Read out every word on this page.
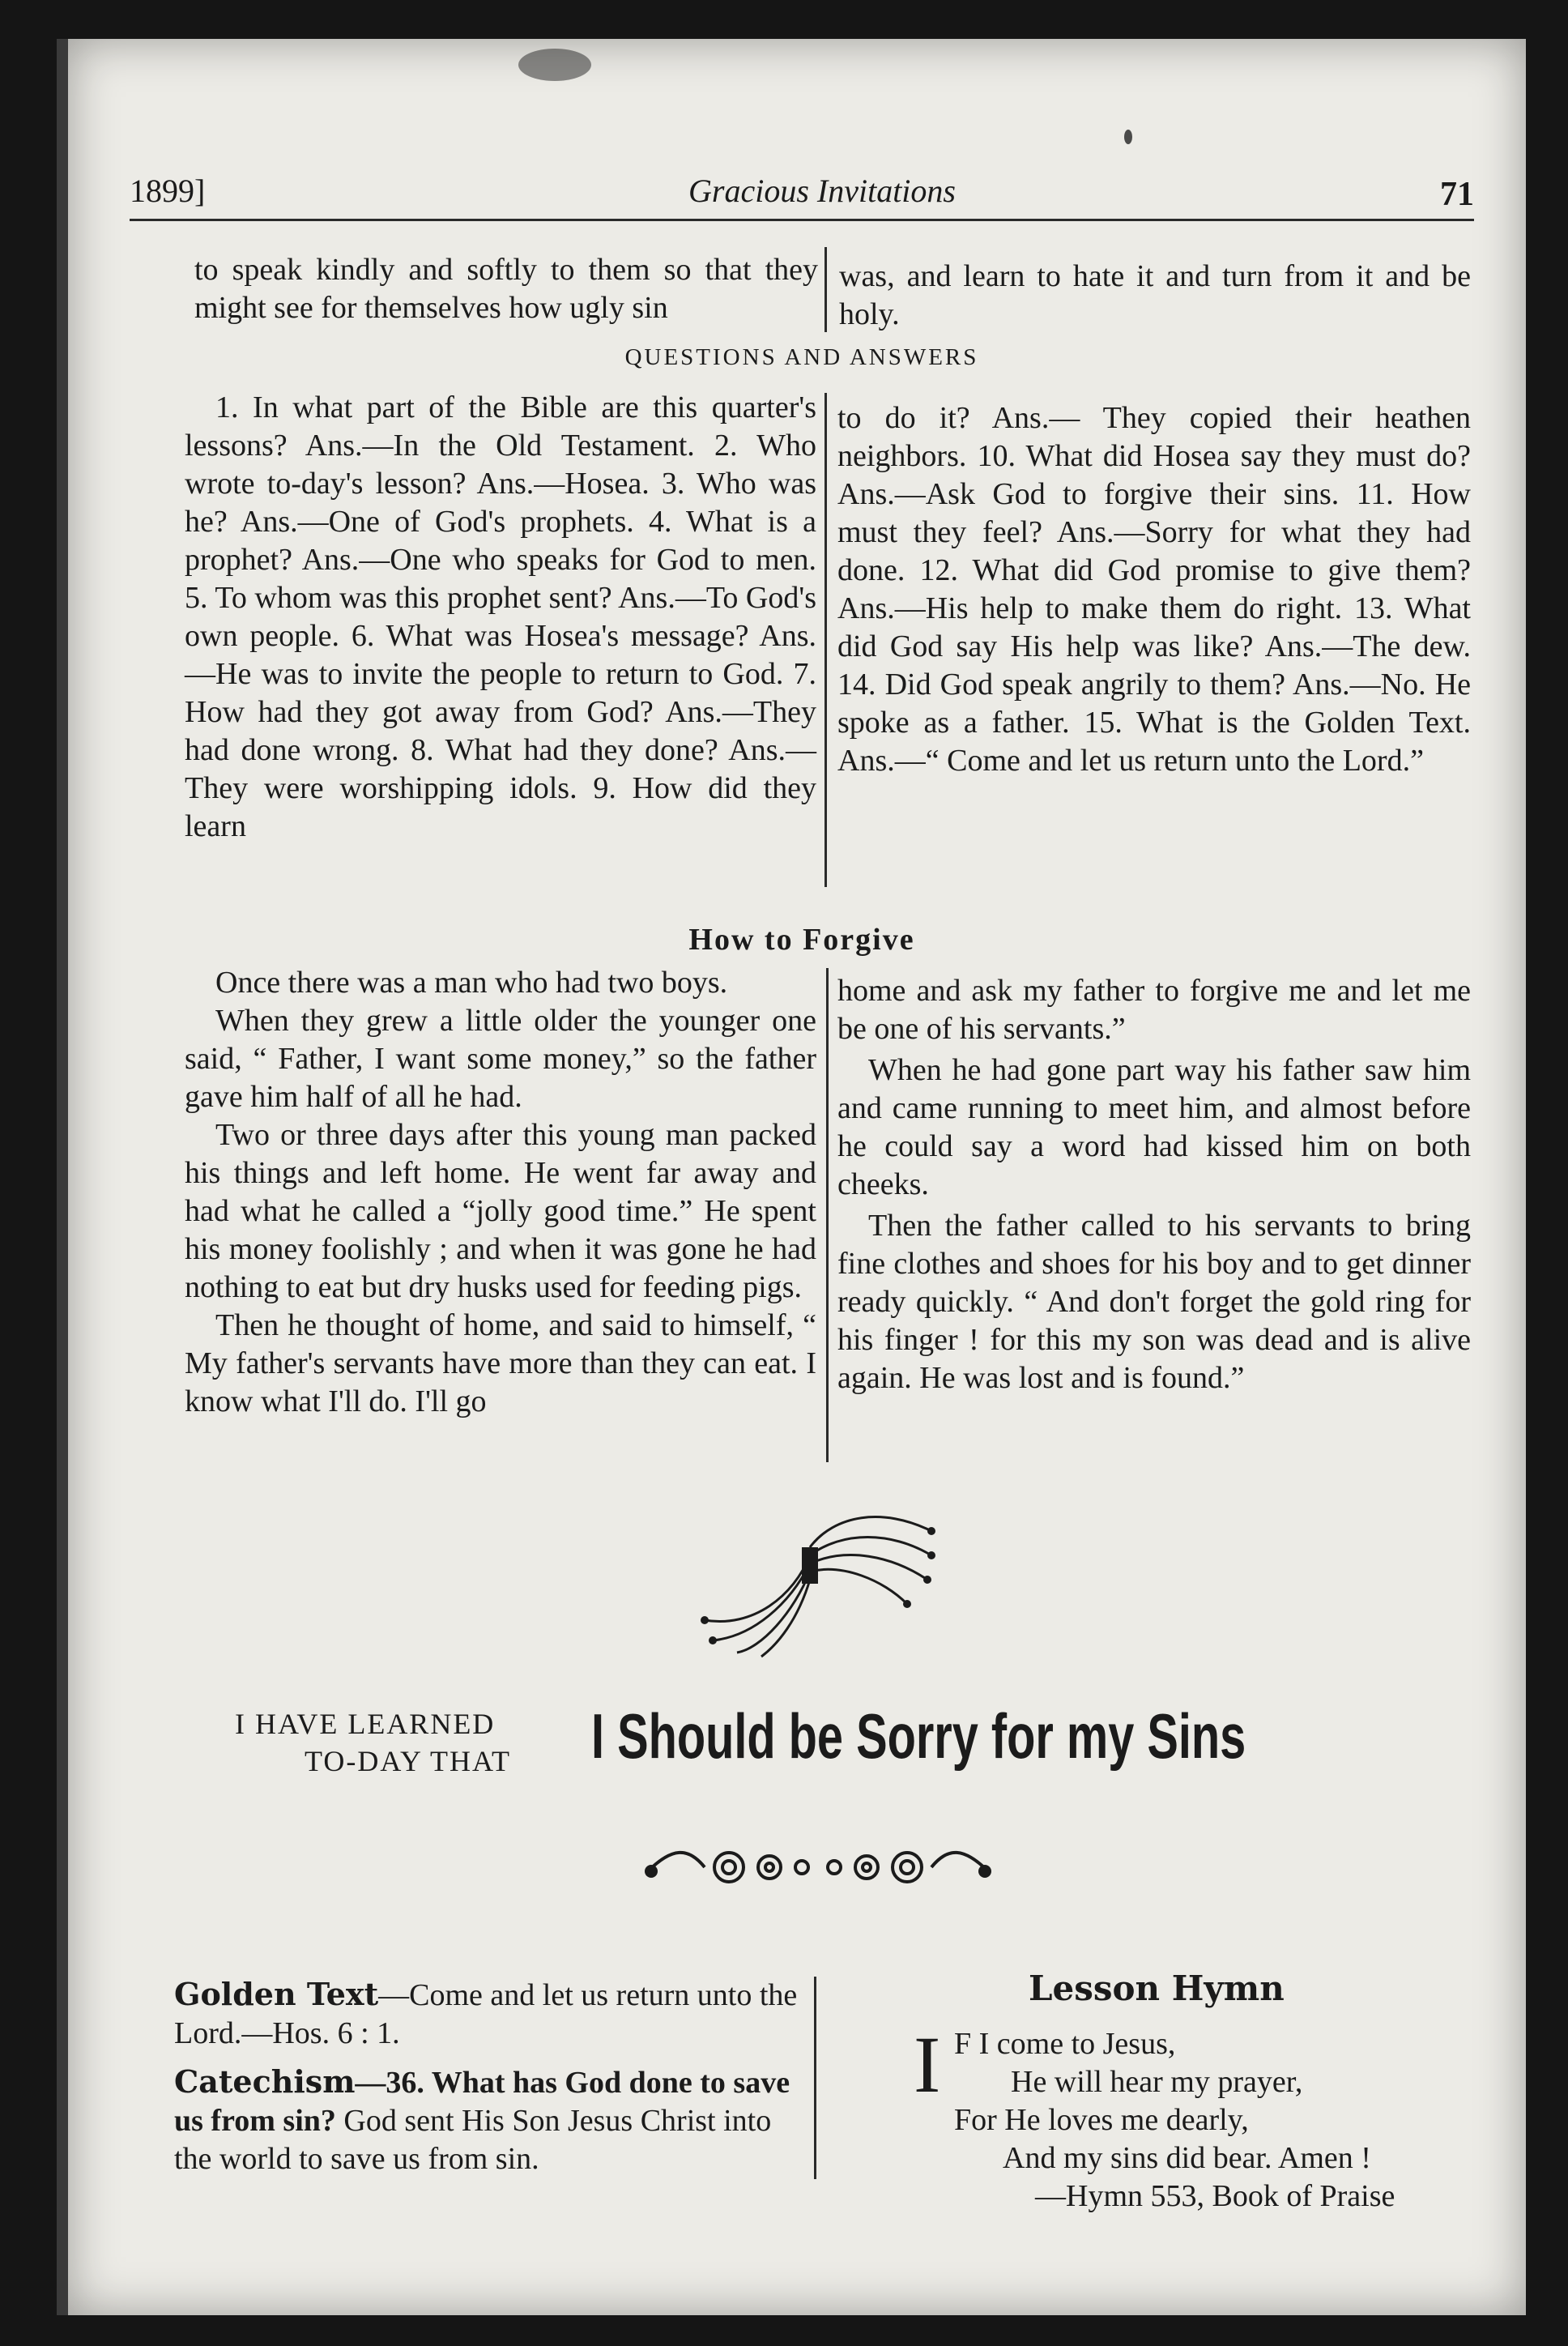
1899]	Gracious Invitations	71

to speak kindly and softly to them so that they might see for themselves how ugly sin

was, and learn to hate it and turn from it and be holy.

QUESTIONS AND ANSWERS

1. In what part of the Bible are this quarter's lessons? Ans.—In the Old Testament. 2. Who wrote to-day's lesson? Ans.—Hosea. 3. Who was he? Ans.—One of God's prophets. 4. What is a prophet? Ans.—One who speaks for God to men. 5. To whom was this prophet sent? Ans.—To God's own people. 6. What was Hosea's message? Ans.—He was to invite the people to return to God. 7. How had they got away from God? Ans.—They had done wrong. 8. What had they done? Ans.—They were worshipping idols. 9. How did they learn

to do it? Ans.— They copied their heathen neighbors. 10. What did Hosea say they must do? Ans.—Ask God to forgive their sins. 11. How must they feel? Ans.—Sorry for what they had done. 12. What did God promise to give them? Ans.—His help to make them do right. 13. What did God say His help was like? Ans.—The dew. 14. Did God speak angrily to them? Ans.—No. He spoke as a father. 15. What is the Golden Text. Ans.—“ Come and let us return unto the Lord.”

How to Forgive

Once there was a man who had two boys.

When they grew a little older the younger one said, “ Father, I want some money,” so the father gave him half of all he had.

Two or three days after this young man packed his things and left home. He went far away and had what he called a “jolly good time.” He spent his money foolishly ; and when it was gone he had nothing to eat but dry husks used for feeding pigs.

Then he thought of home, and said to himself, “ My father's servants have more than they can eat. I know what I'll do. I'll go

home and ask my father to forgive me and let me be one of his servants.”

When he had gone part way his father saw him and came running to meet him, and almost before he could say a word had kissed him on both cheeks.

Then the father called to his servants to bring fine clothes and shoes for his boy and to get dinner ready quickly. “ And don't forget the gold ring for his finger ! for this my son was dead and is alive again. He was lost and is found.”

I HAVE LEARNED
TO-DAY THAT	I Should be Sorry for my Sins

Golden Text—Come and let us return unto the Lord.—Hos. 6 : 1.

Catechism—36. What has God done to save us from sin? God sent His Son Jesus Christ into the world to save us from sin.

Lesson Hymn
I F I come to Jesus,
He will hear my prayer,
For He loves me dearly,
And my sins did bear. Amen !
—Hymn 553, Book of Praise
